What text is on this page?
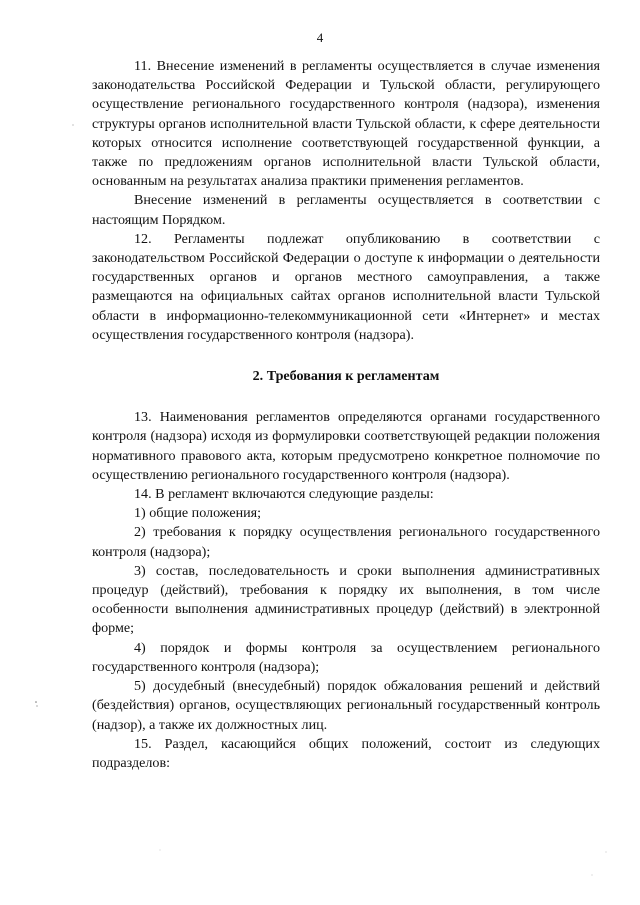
4

11. Внесение изменений в регламенты осуществляется в случае изменения законодательства Российской Федерации и Тульской области, регулирующего осуществление регионального государственного контроля (надзора), изменения структуры органов исполнительной власти Тульской области, к сфере деятельности которых относится исполнение соответствующей государственной функции, а также по предложениям органов исполнительной власти Тульской области, основанным на результатах анализа практики применения регламентов.

Внесение изменений в регламенты осуществляется в соответствии с настоящим Порядком.

12. Регламенты подлежат опубликованию в соответствии с законодательством Российской Федерации о доступе к информации о деятельности государственных органов и органов местного самоуправления, а также размещаются на официальных сайтах органов исполнительной власти Тульской области в информационно-телекоммуникационной сети «Интернет» и местах осуществления государственного контроля (надзора).

2. Требования к регламентам

13. Наименования регламентов определяются органами государственного контроля (надзора) исходя из формулировки соответствующей редакции положения нормативного правового акта, которым предусмотрено конкретное полномочие по осуществлению регионального государственного контроля (надзора).

14. В регламент включаются следующие разделы:

1) общие положения;

2) требования к порядку осуществления регионального государственного контроля (надзора);

3) состав, последовательность и сроки выполнения административных процедур (действий), требования к порядку их выполнения, в том числе особенности выполнения административных процедур (действий) в электронной форме;

4) порядок и формы контроля за осуществлением регионального государственного контроля (надзора);

5) досудебный (внесудебный) порядок обжалования решений и действий (бездействия) органов, осуществляющих региональный государственный контроль (надзор), а также их должностных лиц.

15. Раздел, касающийся общих положений, состоит из следующих подразделов:
